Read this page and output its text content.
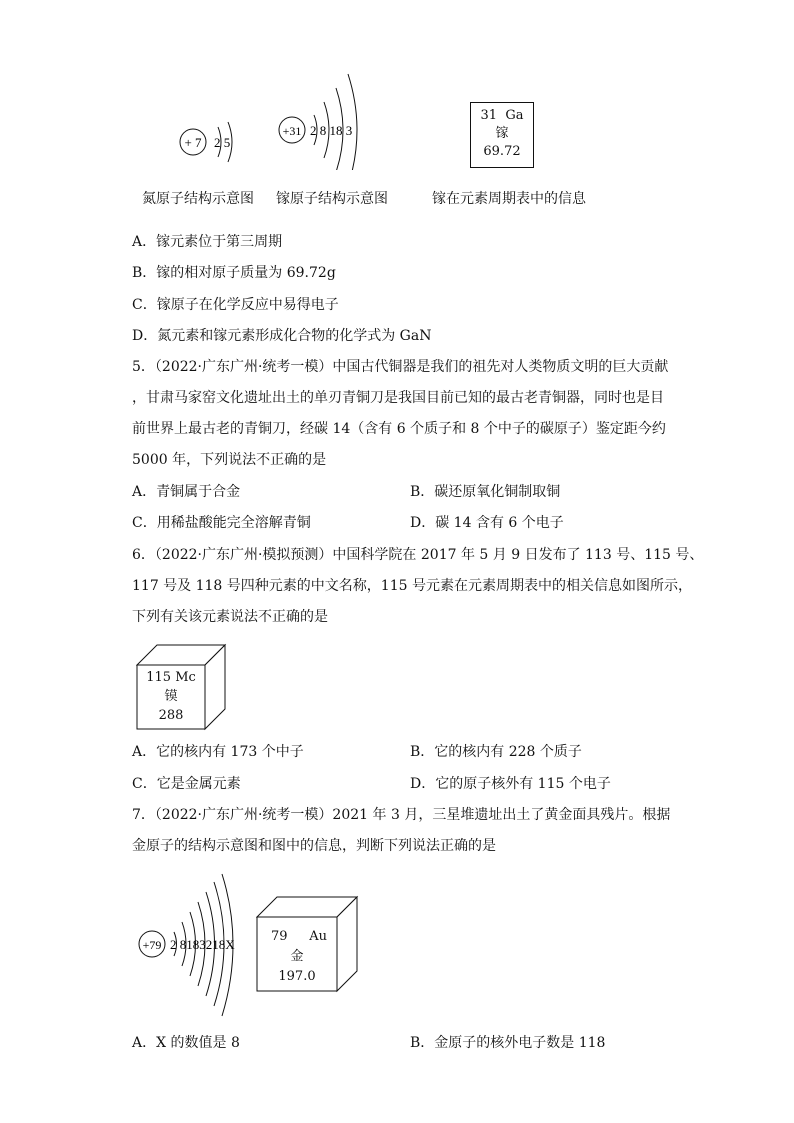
+ 7 2 5
+31 2 8 18 3
31 Ga
镓
69.72
氮原子结构示意图 镓原子结构示意图	镓在元素周期表中的信息
A．镓元素位于第三周期
B．镓的相对原子质量为 69.72g
C．镓原子在化学反应中易得电子
D．氮元素和镓元素形成化合物的化学式为 GaN
5．（2022·广东广州·统考一模）中国古代铜器是我们的祖先对人类物质文明的巨大贡献
，甘肃马家窑文化遗址出土的单刃青铜刀是我国目前已知的最古老青铜器，同时也是目
前世界上最古老的青铜刀，经碳 14（含有 6 个质子和 8 个中子的碳原子）鉴定距今约
5000 年，下列说法不正确的是
A．青铜属于合金	B．碳还原氧化铜制取铜
C．用稀盐酸能完全溶解青铜	D．碳 14 含有 6 个电子
6．（2022·广东广州·模拟预测）中国科学院在 2017 年 5 月 9 日发布了 113 号、115 号、
117 号及 118 号四种元素的中文名称，115 号元素在元素周期表中的相关信息如图所示，
下列有关该元素说法不正确的是
115 Mc
镆
288
A．它的核内有 173 个中子	B．它的核内有 228 个质子
C．它是金属元素	D．它的原子核外有 115 个电子
7．（2022·广东广州·统考一模）2021 年 3 月，三星堆遗址出土了黄金面具残片。根据
金原子的结构示意图和图中的信息，判断下列说法正确的是
+79 2 8183218X
79 Au
金
197.0
A．X 的数值是 8	B．金原子的核外电子数是 118
